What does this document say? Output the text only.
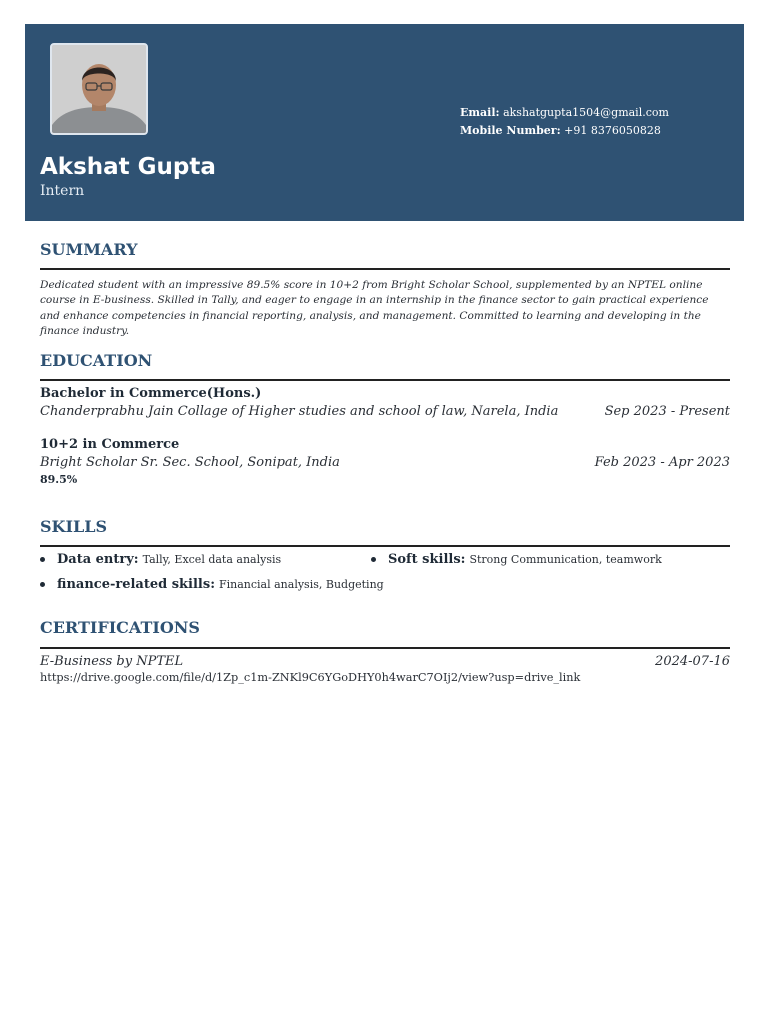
Akshat Gupta
Intern
Email: akshatgupta1504@gmail.com
Mobile Number: +91 8376050828
SUMMARY
Dedicated student with an impressive 89.5% score in 10+2 from Bright Scholar School, supplemented by an NPTEL online course in E-business. Skilled in Tally, and eager to engage in an internship in the finance sector to gain practical experience and enhance competencies in financial reporting, analysis, and management. Committed to learning and developing in the finance industry.
EDUCATION
Bachelor in Commerce(Hons.)
Chanderprabhu Jain Collage of Higher studies and school of law, Narela, India	Sep 2023 - Present
10+2 in Commerce
Bright Scholar Sr. Sec. School, Sonipat, India	Feb 2023 - Apr 2023
89.5%
SKILLS
Data entry: Tally, Excel data analysis	Soft skills: Strong Communication, teamwork
finance-related skills: Financial analysis, Budgeting
CERTIFICATIONS
E-Business by NPTEL	2024-07-16
https://drive.google.com/file/d/1Zp_c1m-ZNKl9C6YGoDHY0h4warC7OIj2/view?usp=drive_link
